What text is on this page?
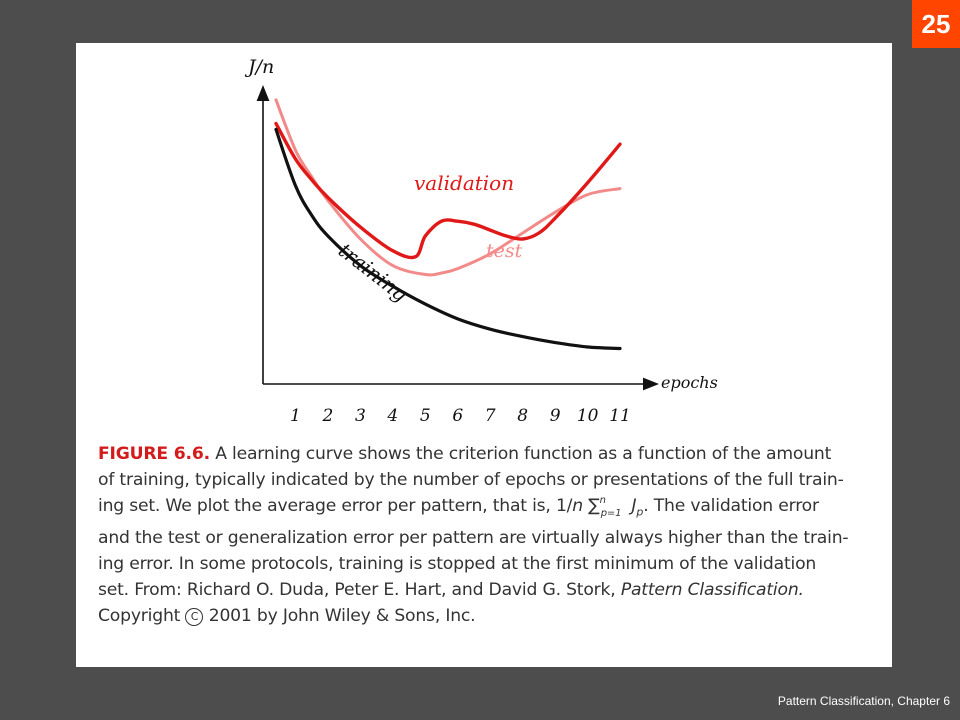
25
J/n
epochs
1 2 3 4 5 6 7 8 9 10 11
validation
test
training
FIGURE 6.6. A learning curve shows the criterion function as a function of the amount
of training, typically indicated by the number of epochs or presentations of the full train-
ing set. We plot the average error per pattern, that is, 1/n ∑$^n_{p=1}$ $J_p$. The validation error
and the test or generalization error per pattern are virtually always higher than the train-
ing error. In some protocols, training is stopped at the first minimum of the validation
set. From: Richard O. Duda, Peter E. Hart, and David G. Stork, Pattern Classification.
Copyright C 2001 by John Wiley & Sons, Inc.
Pattern Classification, Chapter 6
